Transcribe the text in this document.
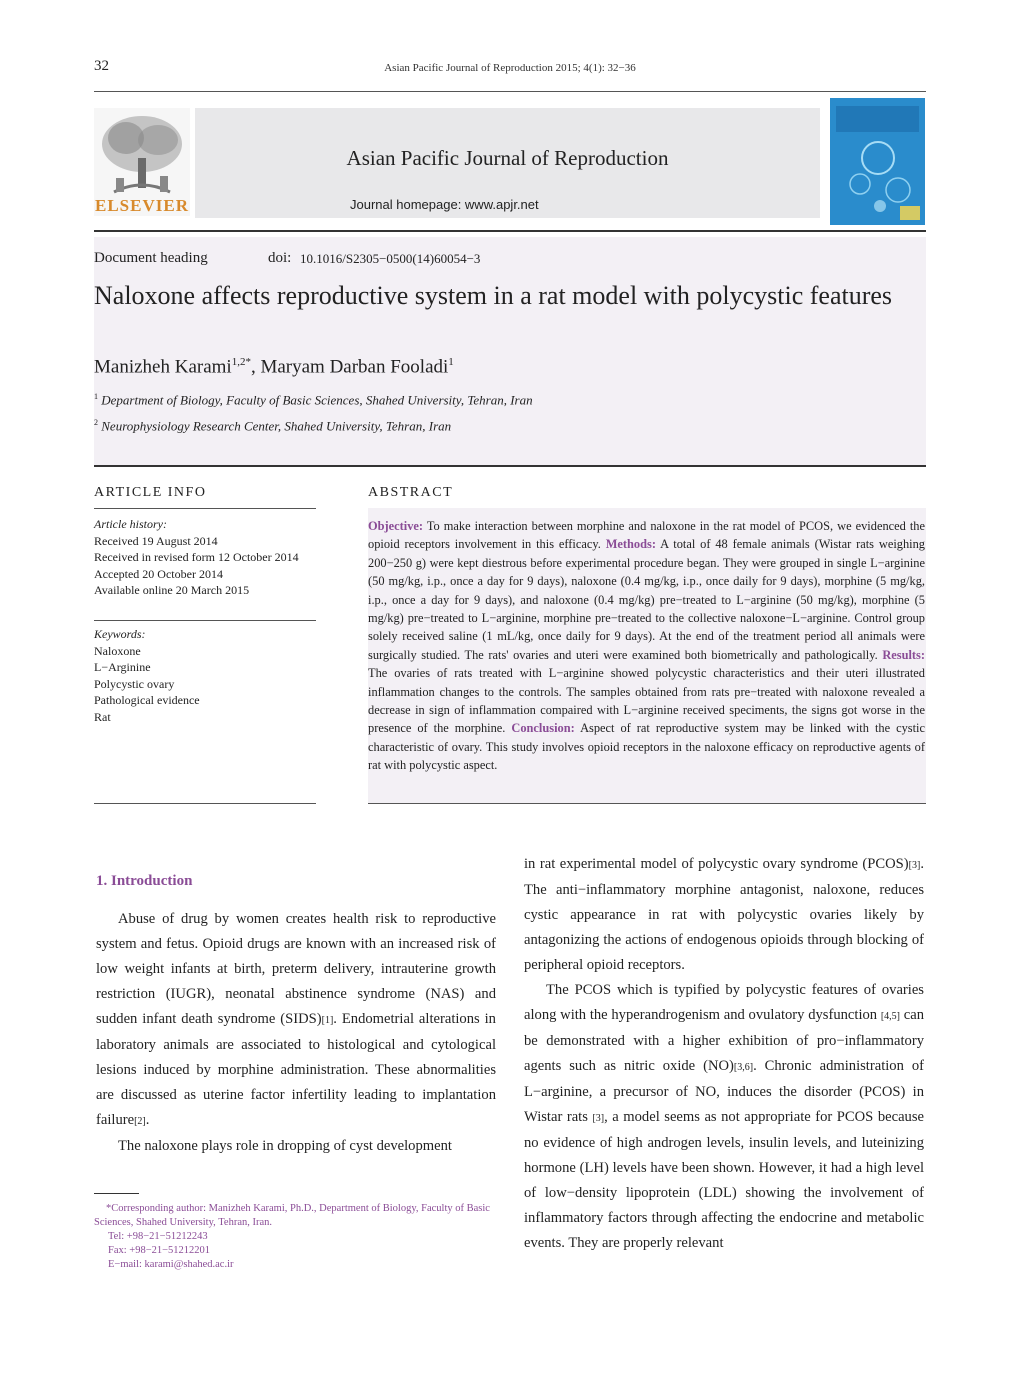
32	Asian Pacific Journal of Reproduction 2015; 4(1): 32−36
ELSEVIER
Asian Pacific Journal of Reproduction
Journal homepage: www.apjr.net
Document heading	doi: 10.1016/S2305−0500(14)60054−3
Naloxone affects reproductive system in a rat model with polycystic features
Manizheh Karami$^{1,2*}$, Maryam Darban Fooladi$^1$
$^1$ Department of Biology, Faculty of Basic Sciences, Shahed University, Tehran, Iran
$^2$ Neurophysiology Research Center, Shahed University, Tehran, Iran
ARTICLE INFO
Article history:
Received 19 August 2014
Received in revised form 12 October 2014
Accepted 20 October 2014
Available online 20 March 2015
Keywords:
Naloxone
L−Arginine
Polycystic ovary
Pathological evidence
Rat
ABSTRACT
Objective: To make interaction between morphine and naloxone in the rat model of PCOS, we evidenced the opioid receptors involvement in this efficacy. Methods: A total of 48 female animals (Wistar rats weighing 200−250 g) were kept diestrous before experimental procedure began. They were grouped in single L−arginine (50 mg/kg, i.p., once a day for 9 days), naloxone (0.4 mg/kg, i.p., once daily for 9 days), morphine (5 mg/kg, i.p., once a day for 9 days), and naloxone (0.4 mg/kg) pre−treated to L−arginine (50 mg/kg), morphine (5 mg/kg) pre−treated to L−arginine, morphine pre−treated to the collective naloxone−L−arginine. Control group solely received saline (1 mL/kg, once daily for 9 days). At the end of the treatment period all animals were surgically studied. The rats' ovaries and uteri were examined both biometrically and pathologically. Results: The ovaries of rats treated with L−arginine showed polycystic characteristics and their uteri illustrated inflammation changes to the controls. The samples obtained from rats pre−treated with naloxone revealed a decrease in sign of inflammation compaired with L−arginine received speciments, the signs got worse in the presence of the morphine. Conclusion: Aspect of rat reproductive system may be linked with the cystic characteristic of ovary. This study involves opioid receptors in the naloxone efficacy on reproductive agents of rat with polycystic aspect.
1. Introduction

Abuse of drug by women creates health risk to reproductive system and fetus. Opioid drugs are known with an increased risk of low weight infants at birth, preterm delivery, intrauterine growth restriction (IUGR), neonatal abstinence syndrome (NAS) and sudden infant death syndrome (SIDS)[1]. Endometrial alterations in laboratory animals are associated to histological and cytological lesions induced by morphine administration. These abnormalities are discussed as uterine factor infertility leading to implantation failure[2].

The naloxone plays role in dropping of cyst development

*Corresponding author: Manizheh Karami, Ph.D., Department of Biology, Faculty of Basic Sciences, Shahed University, Tehran, Iran.
Tel: +98−21−51212243
Fax: +98−21−51212201
E−mail: karami@shahed.ac.ir

in rat experimental model of polycystic ovary syndrome (PCOS)[3]. The anti−inflammatory morphine antagonist, naloxone, reduces cystic appearance in rat with polycystic ovaries likely by antagonizing the actions of endogenous opioids through blocking of peripheral opioid receptors.

The PCOS which is typified by polycystic features of ovaries along with the hyperandrogenism and ovulatory dysfunction [4,5] can be demonstrated with a higher exhibition of pro−inflammatory agents such as nitric oxide (NO)[3,6]. Chronic administration of L−arginine, a precursor of NO, induces the disorder (PCOS) in Wistar rats [3], a model seems as not appropriate for PCOS because no evidence of high androgen levels, insulin levels, and luteinizing hormone (LH) levels have been shown. However, it had a high level of low−density lipoprotein (LDL) showing the involvement of inflammatory factors through affecting the endocrine and metabolic events. They are properly relevant
